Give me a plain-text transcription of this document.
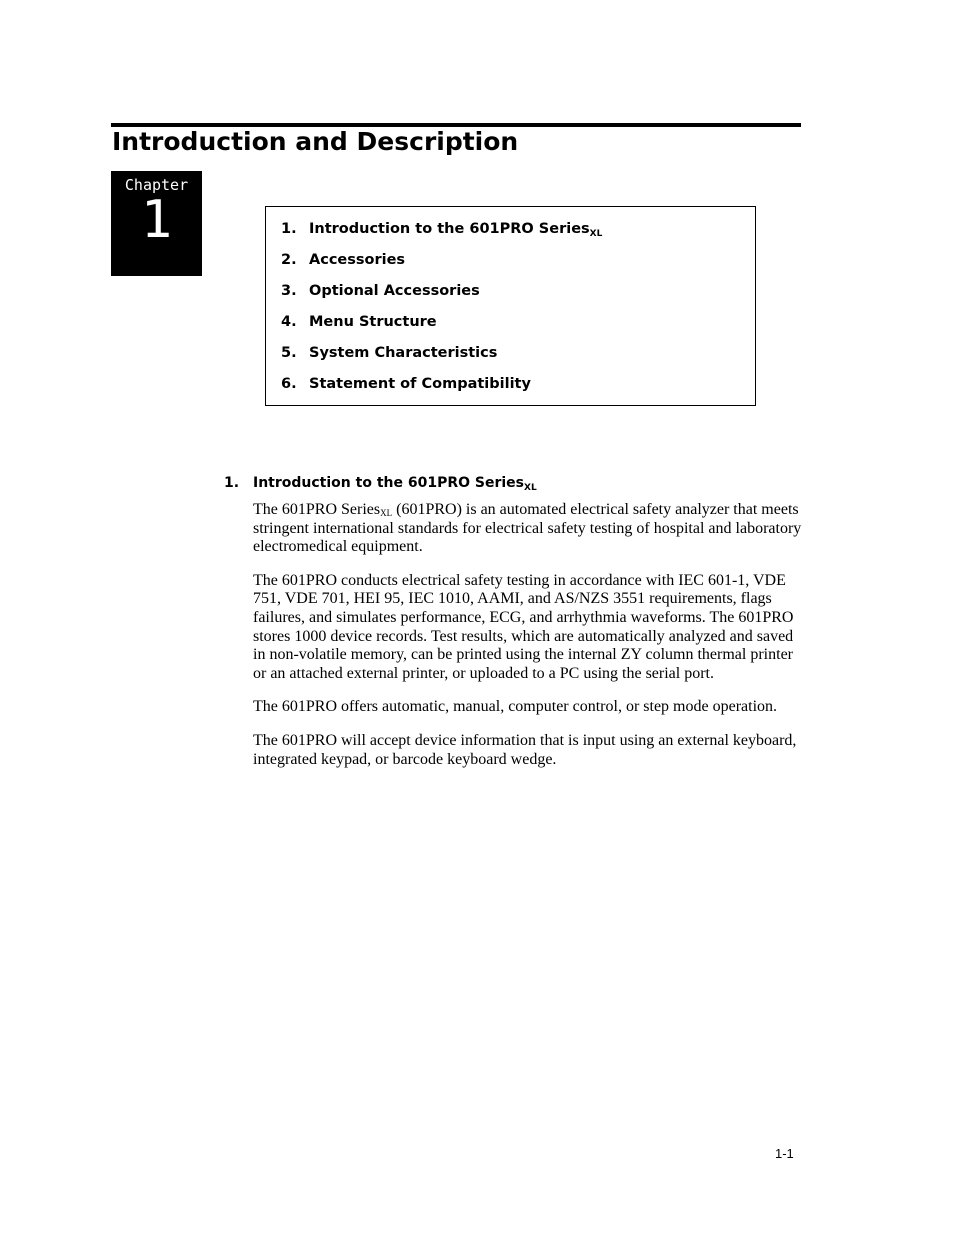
Introduction and Description
Chapter
1	1. Introduction to the 601PRO Series$_{XL}$
2. Accessories
3. Optional Accessories
4. Menu Structure
5. System Characteristics
6. Statement of Compatibility
1. Introduction to the 601PRO Series$_{XL}$

The 601PRO Series$_{XL}$ (601PRO) is an automated electrical safety analyzer that meets stringent international standards for electrical safety testing of hospital and laboratory electromedical equipment.

The 601PRO conducts electrical safety testing in accordance with IEC 601-1, VDE 751, VDE 701, HEI 95, IEC 1010, AAMI, and AS/NZS 3551 requirements, flags failures, and simulates performance, ECG, and arrhythmia waveforms. The 601PRO stores 1000 device records. Test results, which are automatically analyzed and saved in non-volatile memory, can be printed using the internal ZY column thermal printer or an attached external printer, or uploaded to a PC using the serial port.

The 601PRO offers automatic, manual, computer control, or step mode operation.

The 601PRO will accept device information that is input using an external keyboard, integrated keypad, or barcode keyboard wedge.

1-1
